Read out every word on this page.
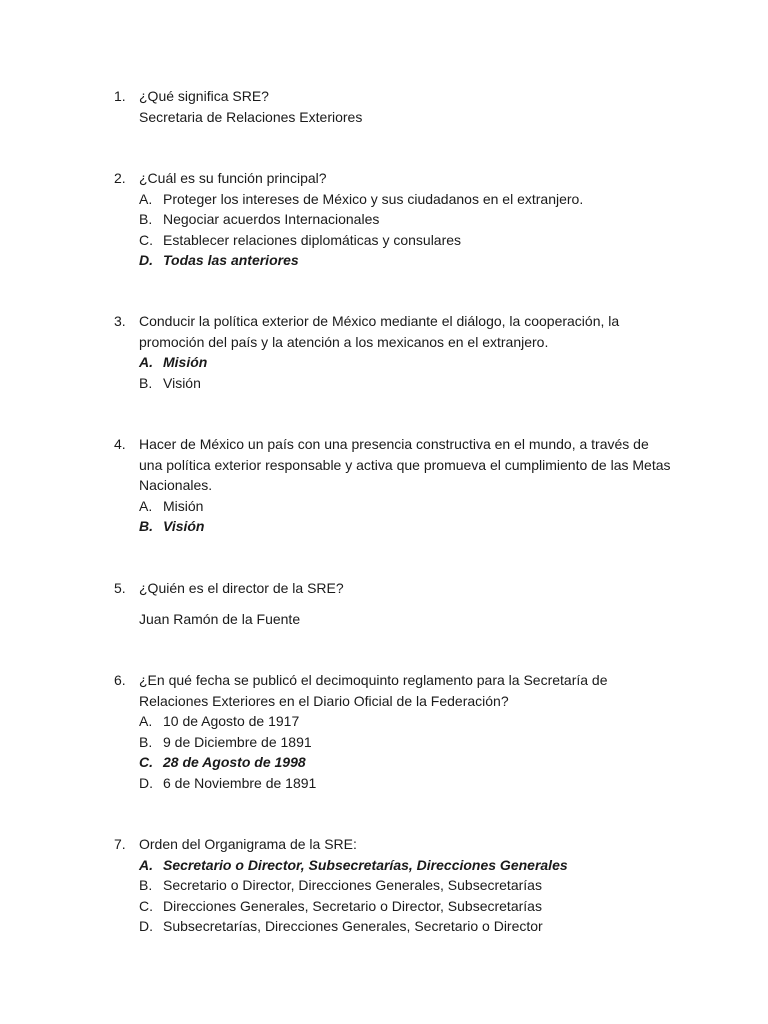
1. ¿Qué significa SRE?
Secretaria de Relaciones Exteriores
2. ¿Cuál es su función principal?
A. Proteger los intereses de México y sus ciudadanos en el extranjero.
B. Negociar acuerdos Internacionales
C. Establecer relaciones diplomáticas y consulares
D. Todas las anteriores
3. Conducir la política exterior de México mediante el diálogo, la cooperación, la promoción del país y la atención a los mexicanos en el extranjero.
A. Misión
B. Visión
4. Hacer de México un país con una presencia constructiva en el mundo, a través de una política exterior responsable y activa que promueva el cumplimiento de las Metas Nacionales.
A. Misión
B. Visión
5. ¿Quién es el director de la SRE?
Juan Ramón de la Fuente
6. ¿En qué fecha se publicó el decimoquinto reglamento para la Secretaría de Relaciones Exteriores en el Diario Oficial de la Federación?
A. 10 de Agosto de 1917
B. 9 de Diciembre de 1891
C. 28 de Agosto de 1998
D. 6 de Noviembre de 1891
7. Orden del Organigrama de la SRE:
A. Secretario o Director, Subsecretarías, Direcciones Generales
B. Secretario o Director, Direcciones Generales, Subsecretarías
C. Direcciones Generales, Secretario o Director, Subsecretarías
D. Subsecretarías, Direcciones Generales, Secretario o Director
